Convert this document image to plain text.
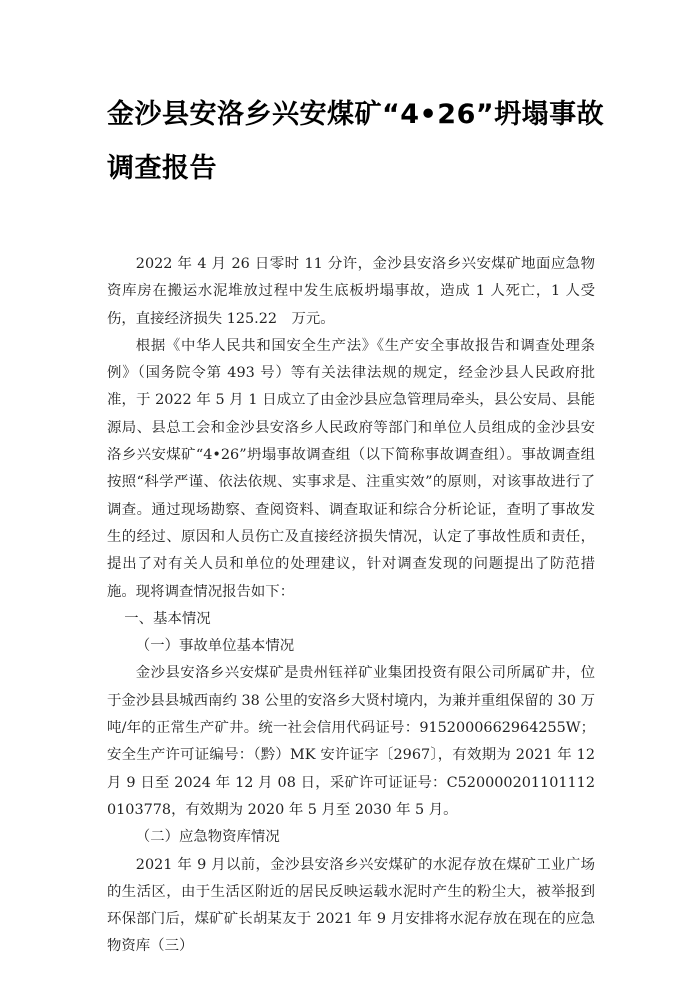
金沙县安洛乡兴安煤矿“4•26”坍塌事故调查报告

2022 年 4 月 26 日零时 11 分许，金沙县安洛乡兴安煤矿地面应急物资库房在搬运水泥堆放过程中发生底板坍塌事故，造成 1 人死亡，1 人受伤，直接经济损失 125.22　万元。

根据《中华人民共和国安全生产法》《生产安全事故报告和调查处理条例》（国务院令第 493 号）等有关法律法规的规定，经金沙县人民政府批准，于 2022 年 5 月 1 日成立了由金沙县应急管理局牵头，县公安局、县能源局、县总工会和金沙县安洛乡人民政府等部门和单位人员组成的金沙县安洛乡兴安煤矿“4•26”坍塌事故调查组（以下简称事故调查组）。事故调查组按照“科学严谨、依法依规、实事求是、注重实效”的原则，对该事故进行了调查。通过现场勘察、查阅资料、调查取证和综合分析论证，查明了事故发生的经过、原因和人员伤亡及直接经济损失情况，认定了事故性质和责任，提出了对有关人员和单位的处理建议，针对调查发现的问题提出了防范措施。现将调查情况报告如下：

一、基本情况

（一）事故单位基本情况

金沙县安洛乡兴安煤矿是贵州钰祥矿业集团投资有限公司所属矿井，位于金沙县县城西南约 38 公里的安洛乡大贤村境内，为兼并重组保留的 30 万吨/年的正常生产矿井。统一社会信用代码证号：9152000662964255W；安全生产许可证编号：（黔）MK 安许证字〔2967〕，有效期为 2021 年 12 月 9 日至 2024 年 12 月 08 日，采矿许可证证号：C5200002011011120103778，有效期为 2020 年 5 月至 2030 年 5 月。

（二）应急物资库情况

2021 年 9 月以前，金沙县安洛乡兴安煤矿的水泥存放在煤矿工业广场的生活区，由于生活区附近的居民反映运载水泥时产生的粉尘大，被举报到环保部门后，煤矿矿长胡某友于 2021 年 9 月安排将水泥存放在现在的应急物资库（三）
